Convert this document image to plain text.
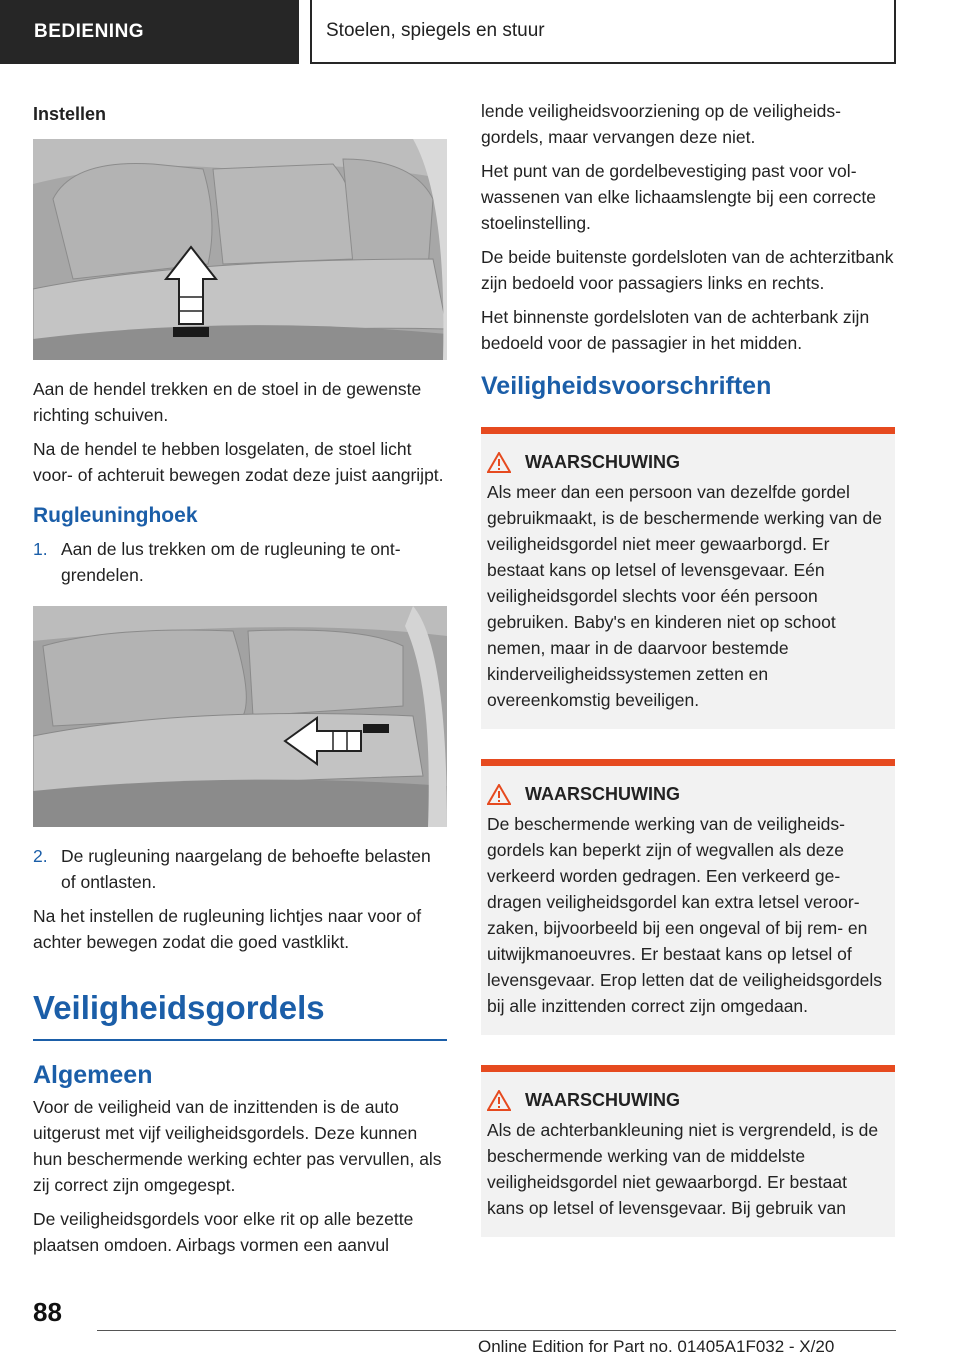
BEDIENING	Stoelen, spiegels en stuur
Instellen

Aan de hendel trekken en de stoel in de gewenste richting schuiven.

Na de hendel te hebben losgelaten, de stoel licht voor- of achteruit bewegen zodat deze juist aangrijpt.

Rugleuninghoek
1. Aan de lus trekken om de rugleuning te ontgrendelen.
2. De rugleuning naargelang de behoefte belasten of ontlasten.

Na het instellen de rugleuning lichtjes naar voor of achter bewegen zodat die goed vastklikt.

Veiligheidsgordels
Algemeen

Voor de veiligheid van de inzittenden is de auto uitgerust met vijf veiligheidsgordels. Deze kunnen hun beschermende werking echter pas vervullen, als zij correct zijn omgegespt.

De veiligheidsgordels voor elke rit op alle bezette plaatsen omdoen. Airbags vormen een aanvul

lende veiligheidsvoorziening op de veiligheidsgordels, maar vervangen deze niet.

Het punt van de gordelbevestiging past voor volwassenen van elke lichaamslengte bij een correcte stoelinstelling.

De beide buitenste gordelsloten van de achterzitbank zijn bedoeld voor passagiers links en rechts.

Het binnenste gordelsloten van de achterbank zijn bedoeld voor de passagier in het midden.

Veiligheidsvoorschriften
WAARSCHUWING

Als meer dan een persoon van dezelfde gordel gebruikmaakt, is de beschermende werking van de veiligheidsgordel niet meer gewaarborgd. Er bestaat kans op letsel of levensgevaar. Eén veiligheidsgordel slechts voor één persoon gebruiken. Baby's en kinderen niet op schoot nemen, maar in de daarvoor bestemde kinderveiligheidssystemen zetten en overeenkomstig beveiligen.

WAARSCHUWING

De beschermende werking van de veiligheidsgordels kan beperkt zijn of wegvallen als deze verkeerd worden gedragen. Een verkeerd gedragen veiligheidsgordel kan extra letsel veroorzaken, bijvoorbeeld bij een ongeval of bij rem- en uitwijkmanoeuvres. Er bestaat kans op letsel of levensgevaar. Erop letten dat de veiligheidsgordels bij alle inzittenden correct zijn omgedaan.

WAARSCHUWING

Als de achterbankleuning niet is vergrendeld, is de beschermende werking van de middelste veiligheidsgordel niet gewaarborgd. Er bestaat kans op letsel of levensgevaar. Bij gebruik van

88
Online Edition for Part no. 01405A1F032 - X/20
